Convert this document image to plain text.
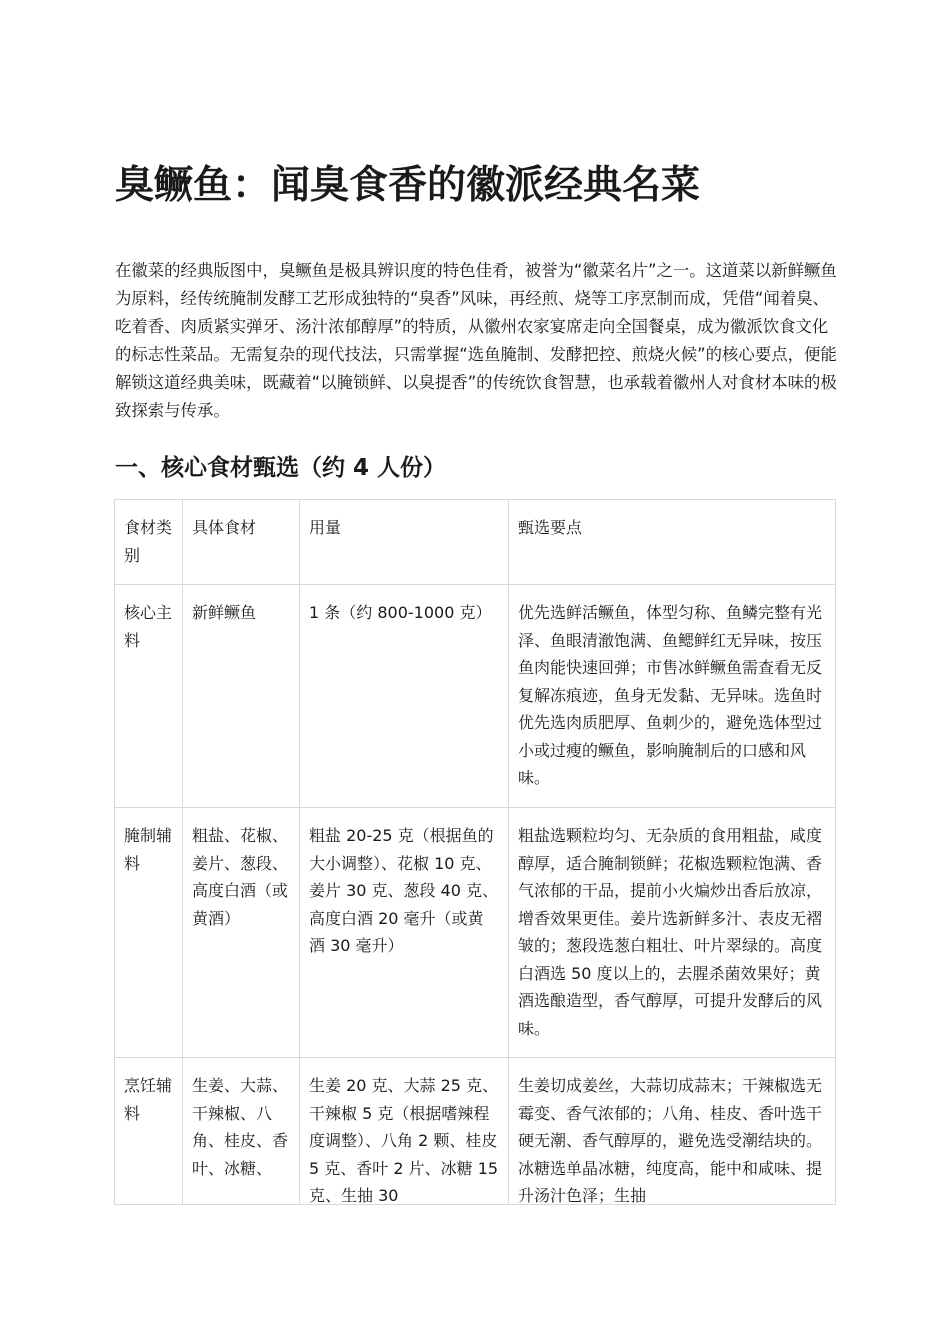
臭鳜鱼：闻臭食香的徽派经典名菜

在徽菜的经典版图中，臭鳜鱼是极具辨识度的特色佳肴，被誉为“徽菜名片”之一。这道菜以新鲜鳜鱼为原料，经传统腌制发酵工艺形成独特的“臭香”风味，再经煎、烧等工序烹制而成，凭借“闻着臭、吃着香、肉质紧实弹牙、汤汁浓郁醇厚”的特质，从徽州农家宴席走向全国餐桌，成为徽派饮食文化的标志性菜品。无需复杂的现代技法，只需掌握“选鱼腌制、发酵把控、煎烧火候”的核心要点，便能解锁这道经典美味，既藏着“以腌锁鲜、以臭提香”的传统饮食智慧，也承载着徽州人对食材本味的极致探索与传承。

一、核心食材甄选（约 4 人份）
食材类别	具体食材	用量	甄选要点
核心主料	新鲜鳜鱼	1 条（约 800-1000 克）	优先选鲜活鳜鱼，体型匀称、鱼鳞完整有光泽、鱼眼清澈饱满、鱼鳃鲜红无异味，按压鱼肉能快速回弹；市售冰鲜鳜鱼需查看无反复解冻痕迹，鱼身无发黏、无异味。选鱼时优先选肉质肥厚、鱼刺少的，避免选体型过小或过瘦的鳜鱼，影响腌制后的口感和风味。
腌制辅料	粗盐、花椒、姜片、葱段、高度白酒（或黄酒）	粗盐 20-25 克（根据鱼的大小调整）、花椒 10 克、姜片 30 克、葱段 40 克、高度白酒 20 毫升（或黄酒 30 毫升）	粗盐选颗粒均匀、无杂质的食用粗盐，咸度醇厚，适合腌制锁鲜；花椒选颗粒饱满、香气浓郁的干品，提前小火煸炒出香后放凉，增香效果更佳。姜片选新鲜多汁、表皮无褶皱的；葱段选葱白粗壮、叶片翠绿的。高度白酒选 50 度以上的，去腥杀菌效果好；黄酒选酿造型，香气醇厚，可提升发酵后的风味。
烹饪辅料	生姜、大蒜、干辣椒、八角、桂皮、香叶、冰糖、	生姜 20 克、大蒜 25 克、干辣椒 5 克（根据嗜辣程度调整）、八角 2 颗、桂皮 5 克、香叶 2 片、冰糖 15 克、生抽 30	生姜切成姜丝，大蒜切成蒜末；干辣椒选无霉变、香气浓郁的；八角、桂皮、香叶选干硬无潮、香气醇厚的，避免选受潮结块的。冰糖选单晶冰糖，纯度高，能中和咸味、提升汤汁色泽；生抽
